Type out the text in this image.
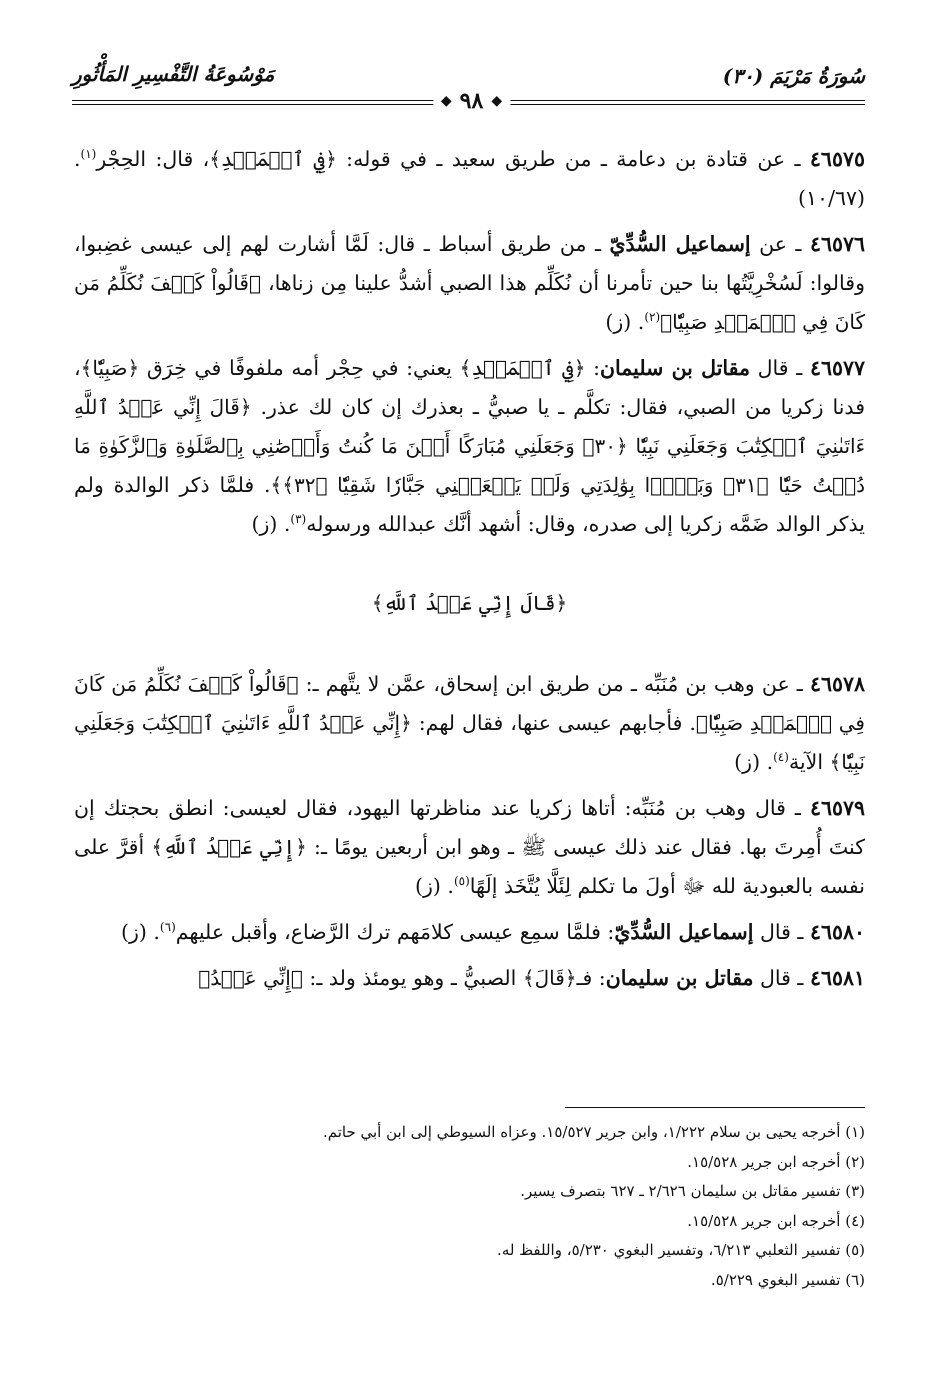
سُورَةُ مَرْيَمَ (٣٠)
مَوْسُوعَةُ التَّفْسِيرِ المَأْثُورِ
◆
٩٨
◆

٤٦٥٧٥ ـ عن قتادة بن دعامة ـ من طريق سعيد ـ في قوله: ﴿ فِي ٱلۡمَهۡدِ ﴾، قال: الحِجْر$^{(١)}$. (١٠/٦٧)

٤٦٥٧٦ ـ عن إسماعيل السُّدِّيّ ـ من طريق أسباط ـ قال: لَمَّا أشارت لهم إلى عيسى غضِبوا، وقالوا: لَسُخْرِيَّتُها بنا حين تأمرنا أن نُكَلِّم هذا الصبي أشدُّ علينا مِن زناها، ﴿ قَالُواْ كَيۡفَ نُكَلِّمُ مَن كَانَ فِي ٱلۡمَهۡدِ صَبِيّٗا ﴾$^{(٢)}$. (ز)

٤٦٥٧٧ ـ قال مقاتل بن سليمان: ﴿ فِي ٱلۡمَهۡدِ ﴾ يعني: في حِجْر أمه ملفوفًا في خِرَق ﴿ صَبِيّٗا ﴾، فدنا زكريا من الصبي، فقال: تكلَّم ـ يا صبيُّ ـ بعذرك إن كان لك عذر. ﴿ قَالَ إِنِّي عَبۡدُ ٱللَّهِ ءَاتَىٰنِيَ ٱلۡكِتَٰبَ وَجَعَلَنِي نَبِيّٗا ﴿٣٠﴾ وَجَعَلَنِي مُبَارَكًا أَيۡنَ مَا كُنتُ وَأَوۡصَٰنِي بِٱلصَّلَوٰةِ وَٱلزَّكَوٰةِ مَا دُمۡتُ حَيّٗا ﴿٣١﴾ وَبَرَّۢا بِوَٰلِدَتِي وَلَمۡ يَجۡعَلۡنِي جَبَّارٗا شَقِيّٗا ﴿٣٢﴾ ﴾. فلمَّا ذكر الوالدة ولم يذكر الوالد ضَمَّه زكريا إلى صدره، وقال: أشهد أنَّك عبدالله ورسوله$^{(٣)}$. (ز)

﴿ قَالَ إِنِّي عَبۡدُ ٱللَّهِ ﴾

٤٦٥٧٨ ـ عن وهب بن مُنَبِّه ـ من طريق ابن إسحاق، عمَّن لا يتَّهم ـ: ﴿ قَالُواْ كَيۡفَ نُكَلِّمُ مَن كَانَ فِي ٱلۡمَهۡدِ صَبِيّٗا ﴾. فأجابهم عيسى عنها، فقال لهم: ﴿ إِنِّي عَبۡدُ ٱللَّهِ ءَاتَىٰنِيَ ٱلۡكِتَٰبَ وَجَعَلَنِي نَبِيّٗا ﴾ الآية$^{(٤)}$. (ز)

٤٦٥٧٩ ـ قال وهب بن مُنَبِّه: أتاها زكريا عند مناظرتها اليهود، فقال لعيسى: انطق بحجتك إن كنتَ أُمِرتَ بها. فقال عند ذلك عيسى ﷺ ـ وهو ابن أربعين يومًا ـ: ﴿ إِنِّي عَبۡدُ ٱللَّهِ ﴾ أقرَّ على نفسه بالعبودية لله ﷻ أولَ ما تكلم لِئَلَّا يُتَّخَذ إلَهًا$^{(٥)}$. (ز)

٤٦٥٨٠ ـ قال إسماعيل السُّدِّيّ: فلمَّا سمِع عيسى كلامَهم ترك الرَّضاع، وأقبل عليهم$^{(٦)}$. (ز)

٤٦٥٨١ ـ قال مقاتل بن سليمان: فـ﴿ قَالَ ﴾ الصبيُّ ـ وهو يومئذ ولد ـ: ﴿ إِنِّي عَبۡدُ ﴾

(١) أخرجه يحيى بن سلام ١/٢٢٢، وابن جرير ١٥/٥٢٧. وعزاه السيوطي إلى ابن أبي حاتم.

(٢) أخرجه ابن جرير ١٥/٥٢٨.

(٣) تفسير مقاتل بن سليمان ٢/٦٢٦ ـ ٦٢٧ بتصرف يسير.

(٤) أخرجه ابن جرير ١٥/٥٢٨.

(٥) تفسير الثعلبي ٦/٢١٣، وتفسير البغوي ٥/٢٣٠، واللفظ له.

(٦) تفسير البغوي ٥/٢٢٩.
